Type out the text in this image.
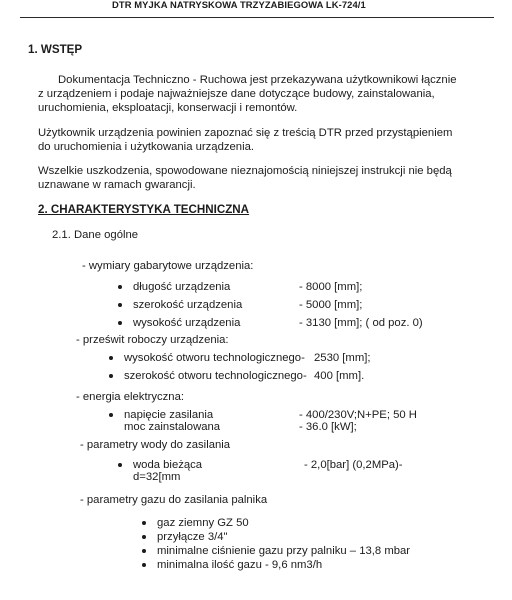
DTR MYJKA NATRYSKOWA TRZYZABIEGOWA LK-724/1
1. WSTĘP
Dokumentacja Techniczno - Ruchowa jest przekazywana użytkownikowi łącznie
z urządzeniem i podaje najważniejsze dane dotyczące budowy, zainstalowania,
uruchomienia, eksploatacji, konserwacji i remontów.
Użytkownik urządzenia powinien zapoznać się z treścią DTR przed przystąpieniem
do uruchomienia i użytkowania urządzenia.
Wszelkie uszkodzenia, spowodowane nieznajomością niniejszej instrukcji nie będą
uznawane w ramach gwarancji.
2. CHARAKTERYSTYKA TECHNICZNA
2.1. Dane ogólne
- wymiary gabarytowe urządzenia:
długość urządzenia	- 8000 [mm];
szerokość urządzenia	- 5000 [mm];
wysokość urządzenia	- 3130 [mm]; ( od poz. 0)
- prześwit roboczy urządzenia:
wysokość otworu technologicznego- 2530 [mm];
szerokość otworu technologicznego- 400 [mm].
- energia elektryczna:
napięcie zasilania	- 400/230V;N+PE; 50 H
moc zainstalowana	- 36.0 [kW];
- parametry wody do zasilania
woda bieżąca	- 2,0[bar] (0,2MPa)-
d=32[mm
- parametry gazu do zasilania palnika
gaz ziemny GZ 50
przyłącze 3/4"
minimalne ciśnienie gazu przy palniku – 13,8 mbar
minimalna ilość gazu - 9,6 nm3/h
